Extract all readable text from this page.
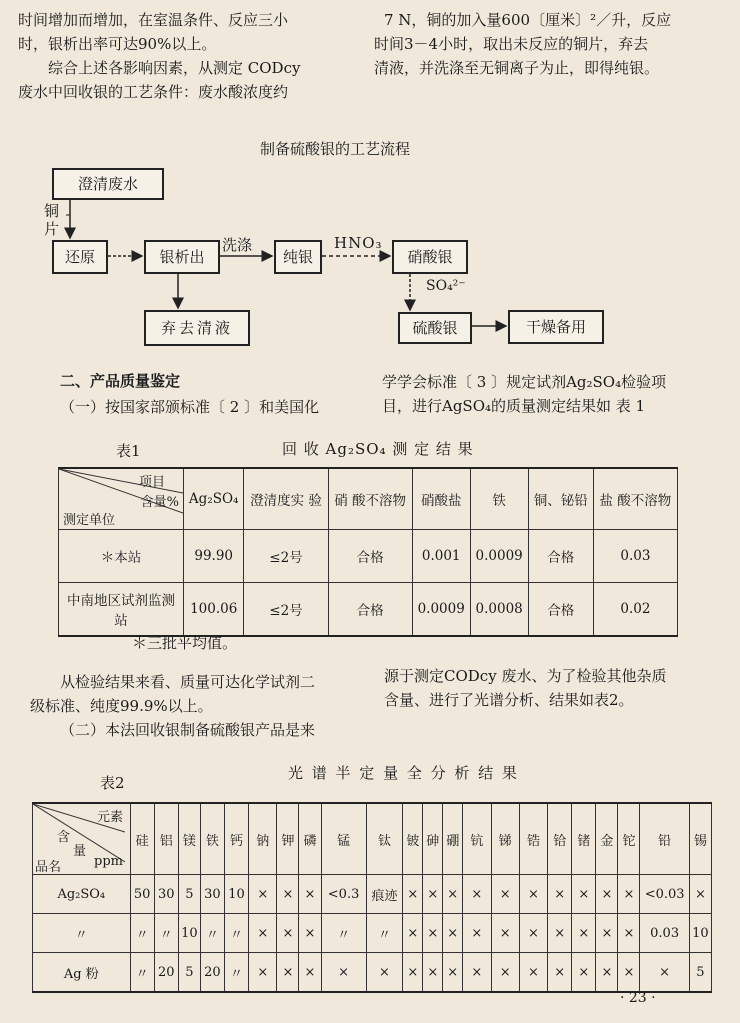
时间增加而增加，在室温条件、反应三小
时，银析出率可达90%以上。
综合上述各影响因素，从测定 CODcy
废水中回收银的工艺条件：废水酸浓度约
7 N，铜的加入量600〔厘米〕²／升，反应
时间3－4小时，取出未反应的铜片，弃去
清液，并洗涤至无铜离子为止，即得纯银。
制备硫酸银的工艺流程
澄清废水
铜
片
还原	银析出
洗涤
纯银
HNO₃
硝酸银
SO₄²⁻
弃去清液	硫酸银	干燥备用
二、产品质量鉴定
（一）按国家部颁标准〔 2 〕和美国化
学学会标准〔 3 〕规定试剂Ag₂SO₄检验项
目，进行AgSO₄的质量测定结果如 表 1
表1	回 收 Ag₂SO₄ 测 定 结 果
项目
含量%
测定单位	Ag₂SO₄	澄清度实 验	硝 酸不溶物	硝酸盐	铁	铜、铋铅	盐 酸不溶物
＊本站	99.90	≤2号	合格	0.001	0.0009	合格	0.03
中南地区试剂监测站	100.06	≤2号	合格	0.0009	0.0008	合格	0.02
＊三批平均值。
从检验结果来看、质量可达化学试剂二
级标准、纯度99.9%以上。
（二）本法回收银制备硫酸银产品是来
源于测定CODcy 废水、为了检验其他杂质
含量、进行了光谱分析、结果如表2。
表2
光 谱 半 定 量 全 分 析 结 果
元素
含
量
品名 ppm	硅	铝	镁	铁	钙	钠	钾	磷	锰	钛	铍	砷	硼	钪	锑	锆	铪	锗	金	铊	铅	锡
Ag₂SO₄	50	30	5	30	10	×	×	×	<0.3	痕迹	×	×	×	×	×	×	×	×	×	×	<0.03	×
〃	〃	〃	10	〃	〃	×	×	×	〃	〃	×	×	×	×	×	×	×	×	×	×	0.03	10
Ag 粉	〃	20	5	20	〃	×	×	×	×	×	×	×	×	×	×	×	×	×	×	×	×	5
· 23 ·
